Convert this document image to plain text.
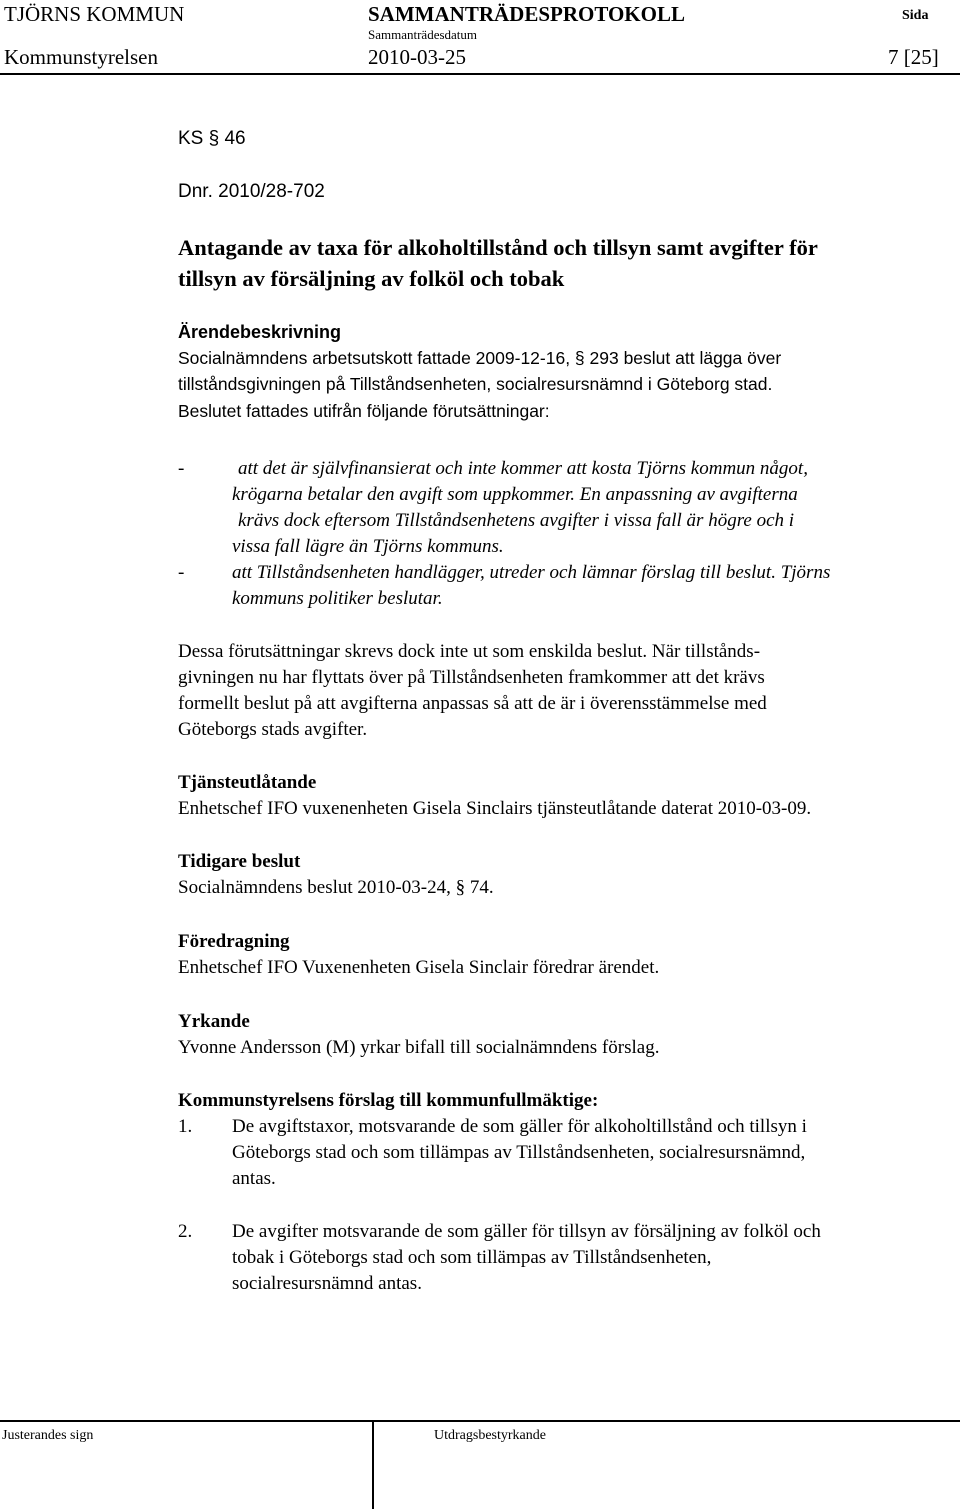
TJÖRNS KOMMUN	SAMMANTRÄDESPROTOKOLL	Sida
Sammanträdesdatum
Kommunstyrelsen	2010-03-25	7 [25]
KS § 46
Dnr. 2010/28-702
Antagande av taxa för alkoholtillstånd och tillsyn samt avgifter för
tillsyn av försäljning av folköl och tobak
Ärendebeskrivning
Socialnämndens arbetsutskott fattade 2009-12-16, § 293 beslut att lägga över
tillståndsgivningen på Tillståndsenheten, socialresursnämnd i Göteborg stad.
Beslutet fattades utifrån följande förutsättningar:
-	att det är självfinansierat och inte kommer att kosta Tjörns kommun något,
krögarna betalar den avgift som uppkommer. En anpassning av avgifterna
krävs dock eftersom Tillståndsenhetens avgifter i vissa fall är högre och i
vissa fall lägre än Tjörns kommuns.
-	att Tillståndsenheten handlägger, utreder och lämnar förslag till beslut. Tjörns
kommuns politiker beslutar.
Dessa förutsättningar skrevs dock inte ut som enskilda beslut. När tillstånds-
givningen nu har flyttats över på Tillståndsenheten framkommer att det krävs
formellt beslut på att avgifterna anpassas så att de är i överensstämmelse med
Göteborgs stads avgifter.
Tjänsteutlåtande
Enhetschef IFO vuxenenheten Gisela Sinclairs tjänsteutlåtande daterat 2010-03-09.
Tidigare beslut
Socialnämndens beslut 2010-03-24, § 74.
Föredragning
Enhetschef IFO Vuxenenheten Gisela Sinclair föredrar ärendet.
Yrkande
Yvonne Andersson (M) yrkar bifall till socialnämndens förslag.
Kommunstyrelsens förslag till kommunfullmäktige:
1. De avgiftstaxor, motsvarande de som gäller för alkoholtillstånd och tillsyn i
Göteborgs stad och som tillämpas av Tillståndsenheten, socialresursnämnd,
antas.
2. De avgifter motsvarande de som gäller för tillsyn av försäljning av folköl och
tobak i Göteborgs stad och som tillämpas av Tillståndsenheten,
socialresursnämnd antas.
Justerandes sign	Utdragsbestyrkande
